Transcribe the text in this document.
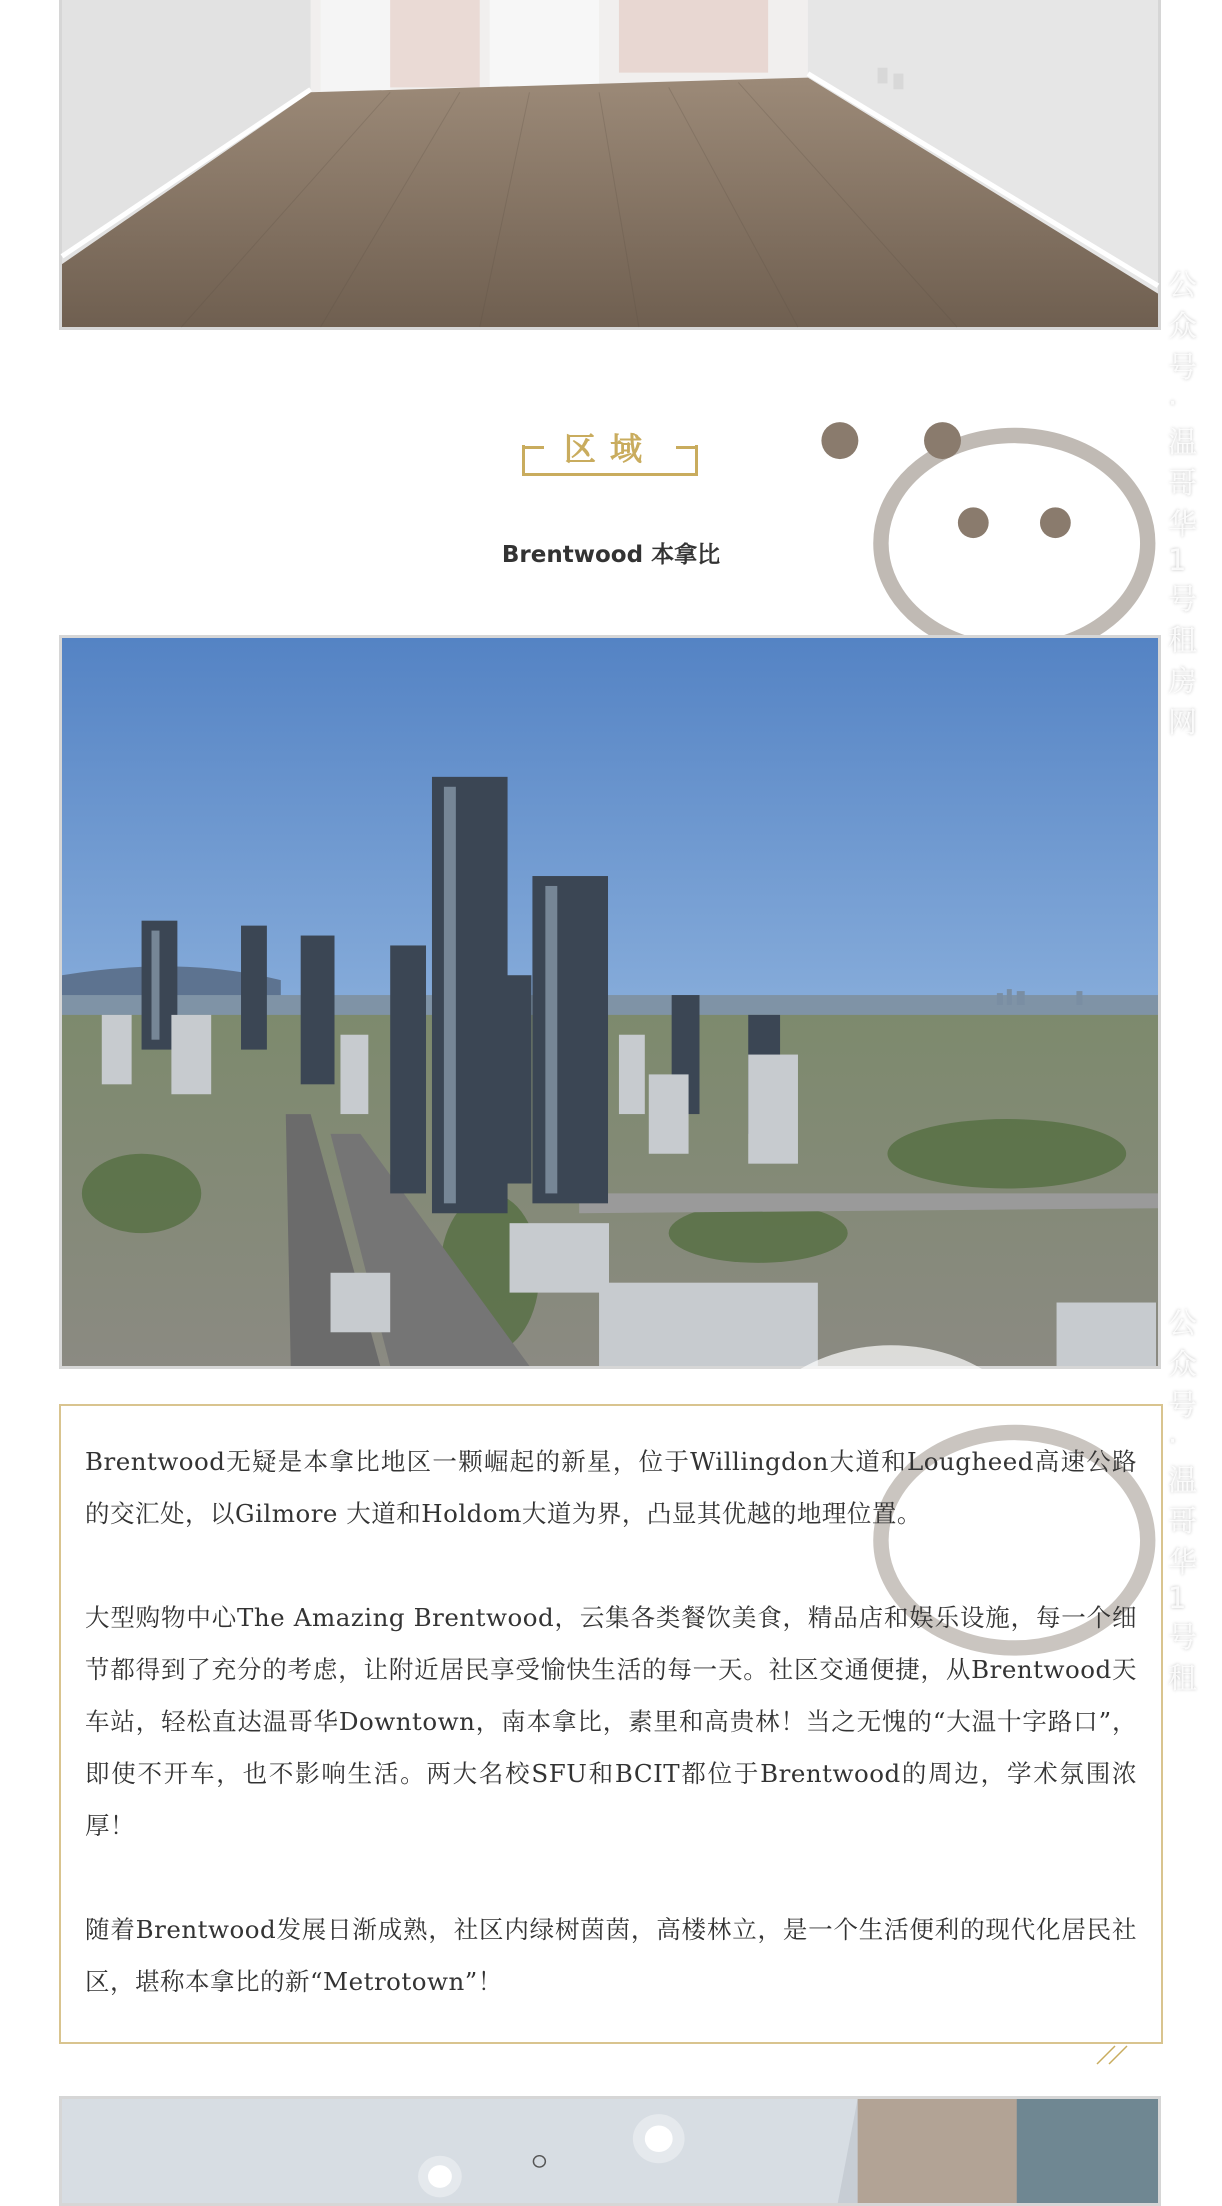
公众号 · 温哥华1号租房网
区域
Brentwood 本拿比
公众号 · 温哥华1号租

Brentwood无疑是本拿比地区一颗崛起的新星，位于Willingdon大道和Lougheed高速公路的交汇处，以Gilmore 大道和Holdom大道为界，凸显其优越的地理位置。

大型购物中心The Amazing Brentwood，云集各类餐饮美食，精品店和娱乐设施，每一个细节都得到了充分的考虑，让附近居民享受愉快生活的每一天。社区交通便捷，从Brentwood天车站，轻松直达温哥华Downtown，南本拿比，素里和高贵林！当之无愧的“大温十字路口”，即使不开车，也不影响生活。两大名校SFU和BCIT都位于Brentwood的周边，学术氛围浓厚！

随着Brentwood发展日渐成熟，社区内绿树茵茵，高楼林立，是一个生活便利的现代化居民社区，堪称本拿比的新“Metrotown”！
